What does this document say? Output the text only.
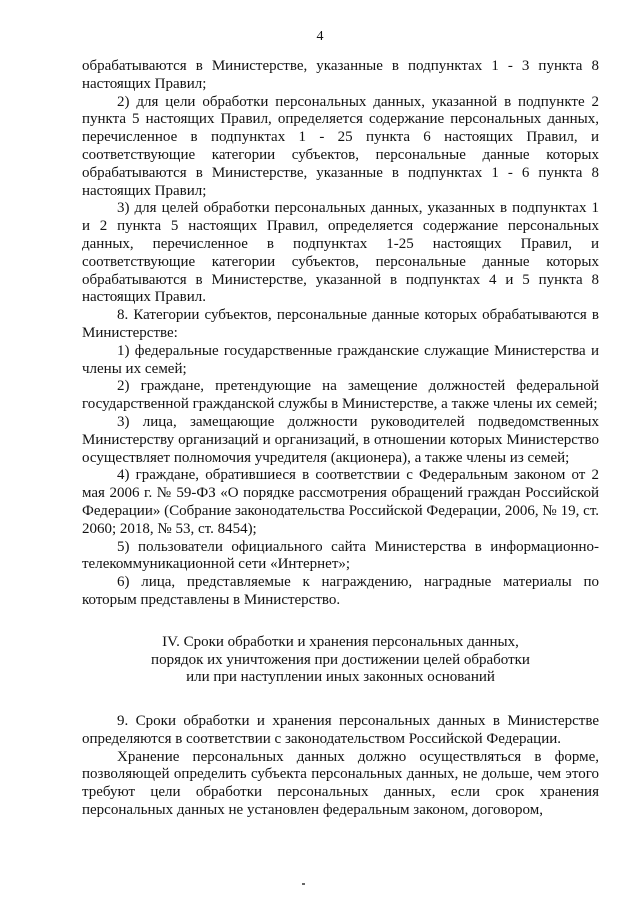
4

обрабатываются в Министерстве, указанные в подпунктах 1 - 3 пункта 8 настоящих Правил;

2) для цели обработки персональных данных, указанной в подпункте 2 пункта 5 настоящих Правил, определяется содержание персональных данных, перечисленное в подпунктах 1 - 25 пункта 6 настоящих Правил, и соответствующие категории субъектов, персональные данные которых обрабатываются в Министерстве, указанные в подпунктах 1 - 6 пункта 8 настоящих Правил;

3) для целей обработки персональных данных, указанных в подпунктах 1 и 2 пункта 5 настоящих Правил, определяется содержание персональных данных, перечисленное в подпунктах 1-25 настоящих Правил, и соответствующие категории субъектов, персональные данные которых обрабатываются в Министерстве, указанной в подпунктах 4 и 5 пункта 8 настоящих Правил.

8. Категории субъектов, персональные данные которых обрабатываются в Министерстве:

1) федеральные государственные гражданские служащие Министерства и члены их семей;

2) граждане, претендующие на замещение должностей федеральной государственной гражданской службы в Министерстве, а также члены их семей;

3) лица, замещающие должности руководителей подведомственных Министерству организаций и организаций, в отношении которых Министерство осуществляет полномочия учредителя (акционера), а также члены из семей;

4) граждане, обратившиеся в соответствии с Федеральным законом от 2 мая 2006 г. № 59-ФЗ «О порядке рассмотрения обращений граждан Российской Федерации» (Собрание законодательства Российской Федерации, 2006, № 19, ст. 2060; 2018, № 53, ст. 8454);

5) пользователи официального сайта Министерства в информационно-телекоммуникационной сети «Интернет»;

6) лица, представляемые к награждению, наградные материалы по которым представлены в Министерство.

IV. Сроки обработки и хранения персональных данных,
порядок их уничтожения при достижении целей обработки
или при наступлении иных законных оснований

9. Сроки обработки и хранения персональных данных в Министерстве определяются в соответствии с законодательством Российской Федерации.

Хранение персональных данных должно осуществляться в форме, позволяющей определить субъекта персональных данных, не дольше, чем этого требуют цели обработки персональных данных, если срок хранения персональных данных не установлен федеральным законом, договором,
